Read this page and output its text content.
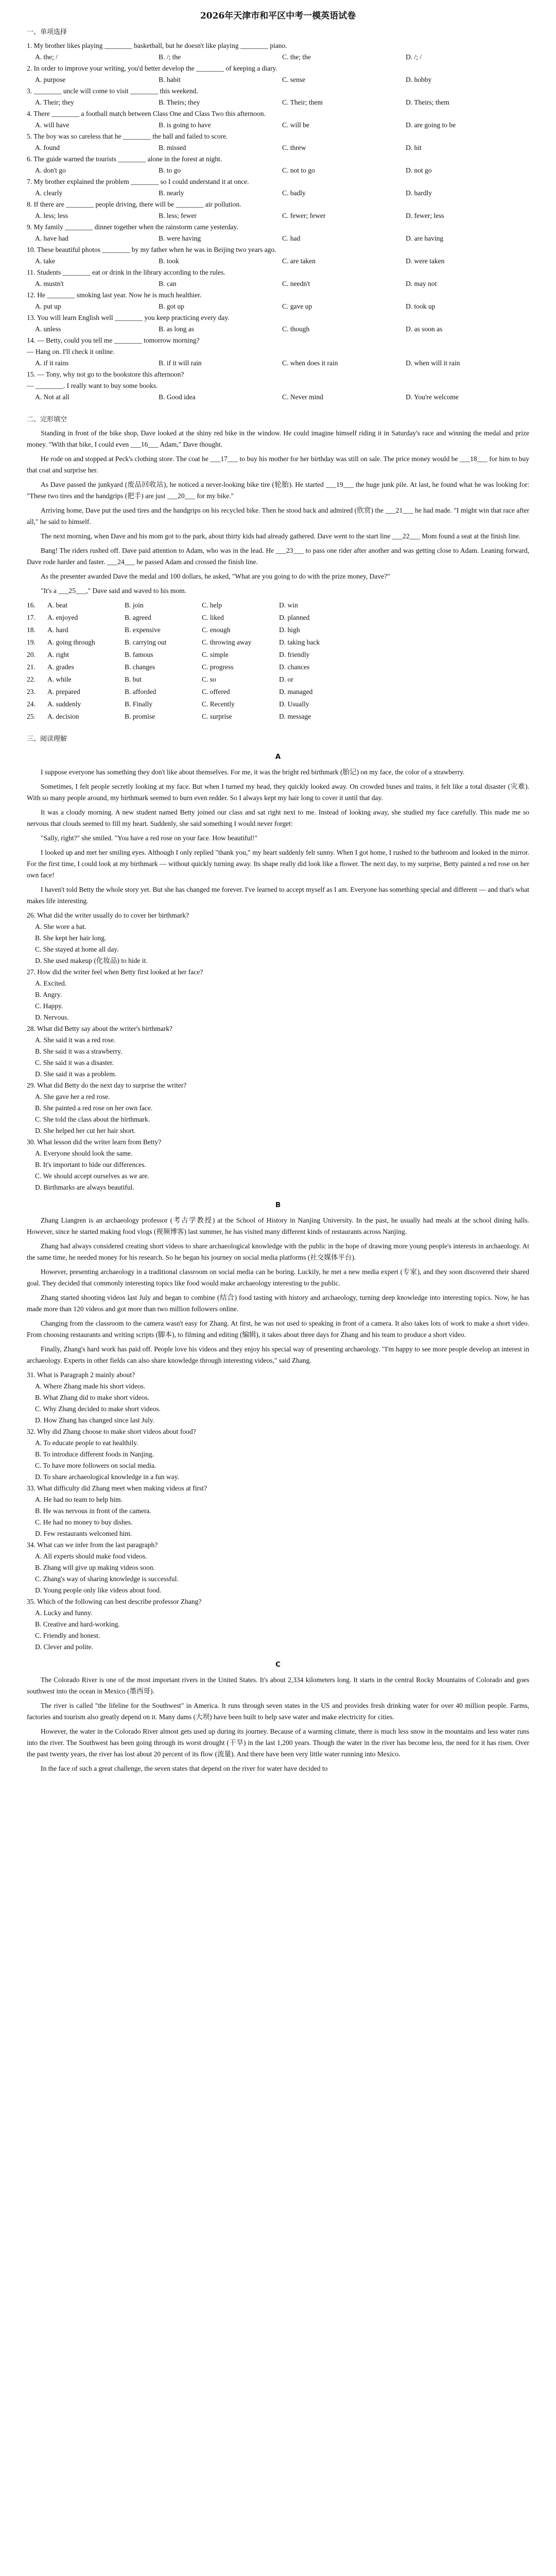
2026年天津市和平区中考一模英语试卷
一、单项选择

1. My brother likes playing ________ basketball, but he doesn't like playing ________ piano.

A. the; /	B. /; the	C. the; the	D. /; /

2. In order to improve your writing, you'd better develop the ________ of keeping a diary.

A. purpose	B. habit	C. sense	D. hobby

3. ________ uncle will come to visit ________ this weekend.

A. Their; they	B. Theirs; they	C. Their; them	D. Theirs; them

4. There ________ a football match between Class One and Class Two this afternoon.

A. will have	B. is going to have	C. will be	D. are going to be

5. The boy was so careless that he ________ the ball and failed to score.

A. found	B. missed	C. threw	D. hit

6. The guide warned the tourists ________ alone in the forest at night.

A. don't go	B. to go	C. not to go	D. not go

7. My brother explained the problem ________ so I could understand it at once.

A. clearly	B. nearly	C. badly	D. hardly

8. If there are ________ people driving, there will be ________ air pollution.

A. less; less	B. less; fewer	C. fewer; fewer	D. fewer; less

9. My family ________ dinner together when the rainstorm came yesterday.

A. have had	B. were having	C. had	D. are having

10. These beautiful photos ________ by my father when he was in Beijing two years ago.

A. take	B. took	C. are taken	D. were taken

11. Students ________ eat or drink in the library according to the rules.

A. mustn't	B. can	C. needn't	D. may not

12. He ________ smoking last year. Now he is much healthier.

A. put up	B. got up	C. gave up	D. took up

13. You will learn English well ________ you keep practicing every day.

A. unless	B. as long as	C. though	D. as soon as

14. — Betty, could you tell me ________ tomorrow morning?

— Hang on. I'll check it online.

A. if it rains	B. if it will rain	C. when does it rain	D. when will it rain

15. — Tony, why not go to the bookstore this afternoon?

— ________. I really want to buy some books.

A. Not at all	B. Good idea	C. Never mind	D. You're welcome
二、完形填空

Standing in front of the bike shop, Dave looked at the shiny red bike in the window. He could imagine himself riding it in Saturday's race and winning the medal and prize money. "With that bike, I could even ___16___ Adam," Dave thought.

He rode on and stopped at Peck's clothing store. The coat he ___17___ to buy his mother for her birthday was still on sale. The price money would be ___18___ for him to buy that coat and surprise her.

As Dave passed the junkyard (废品回收站), he noticed a never-looking bike tire (轮胎). He started ___19___ the huge junk pile. At last, he found what he was looking for: "These two tires and the handgrips (把手) are just ___20___ for my bike."

Arriving home, Dave put the used tires and the handgrips on his recycled bike. Then he stood back and admired (欣赏) the ___21___ he had made. "I might win that race after all," he said to himself.

The next morning, when Dave and his mom got to the park, about thirty kids had already gathered. Dave went to the start line ___22___ Mom found a seat at the finish line.

Bang! The riders rushed off. Dave paid attention to Adam, who was in the lead. He ___23___ to pass one rider after another and was getting close to Adam. Leaning forward, Dave rode harder and faster. ___24___ he passed Adam and crossed the finish line.

As the presenter awarded Dave the medal and 100 dollars, he asked, "What are you going to do with the prize money, Dave?"

"It's a ___25___," Dave said and waved to his mom.

16.	A. beat	B. join	C. help	D. win
17.	A. enjoyed	B. agreed	C. liked	D. planned
18.	A. hard	B. expensive	C. enough	D. high
19.	A. going through	B. carrying out	C. throwing away	D. taking back
20.	A. right	B. famous	C. simple	D. friendly
21.	A. grades	B. changes	C. progress	D. chances
22.	A. while	B. but	C. so	D. or
23.	A. prepared	B. afforded	C. offered	D. managed
24.	A. suddenly	B. Finally	C. Recently	D. Usually
25.	A. decision	B. promise	C. surprise	D. message
三、阅读理解
A

I suppose everyone has something they don't like about themselves. For me, it was the bright red birthmark (胎记) on my face, the color of a strawberry.

Sometimes, I felt people secretly looking at my face. But when I turned my head, they quickly looked away. On crowded buses and trains, it felt like a total disaster (灾难). With so many people around, my birthmark seemed to burn even redder. So I always kept my hair long to cover it until that day.

It was a cloudy morning. A new student named Betty joined our class and sat right next to me. Instead of looking away, she studied my face carefully. This made me so nervous that clouds seemed to fill my heart. Suddenly, she said something I would never forget:

"Sally, right?" she smiled. "You have a red rose on your face. How beautiful!"

I looked up and met her smiling eyes. Although I only replied "thank you," my heart suddenly felt sunny. When I got home, I rushed to the bathroom and looked in the mirror. For the first time, I could look at my birthmark — without quickly turning away. Its shape really did look like a flower. The next day, to my surprise, Betty painted a red rose on her own face!

I haven't told Betty the whole story yet. But she has changed me forever. I've learned to accept myself as I am. Everyone has something special and different — and that's what makes life interesting.

26. What did the writer usually do to cover her birthmark?

A. She wore a hat.
B. She kept her hair long.
C. She stayed at home all day.
D. She used makeup (化妆品) to hide it.

27. How did the writer feel when Betty first looked at her face?

A. Excited.
B. Angry.
C. Happy.
D. Nervous.

28. What did Betty say about the writer's birthmark?

A. She said it was a red rose.
B. She said it was a strawberry.
C. She said it was a disaster.
D. She said it was a problem.

29. What did Betty do the next day to surprise the writer?

A. She gave her a red rose.
B. She painted a red rose on her own face.
C. She told the class about the birthmark.
D. She helped her cut her hair short.

30. What lesson did the writer learn from Betty?

A. Everyone should look the same.
B. It's important to hide our differences.
C. We should accept ourselves as we are.
D. Birthmarks are always beautiful.
B

Zhang Liangren is an archaeology professor (考古学教授) at the School of History in Nanjing University. In the past, he usually had meals at the school dining halls. However, since he started making food vlogs (视频博客) last summer, he has visited many different kinds of restaurants across Nanjing.

Zhang had always considered creating short videos to share archaeological knowledge with the public in the hope of drawing more young people's interests in archaeology. At the same time, he needed money for his research. So he began his journey on social media platforms (社交媒体平台).

However, presenting archaeology in a traditional classroom on social media can be boring. Luckily, he met a new media expert (专家), and they soon discovered their shared goal. They decided that commonly interesting topics like food would make archaeology interesting to the public.

Zhang started shooting videos last July and began to combine (结合) food tasting with history and archaeology, turning deep knowledge into interesting topics. Now, he has made more than 120 videos and got more than two million followers online.

Changing from the classroom to the camera wasn't easy for Zhang. At first, he was not used to speaking in front of a camera. It also takes lots of work to make a short video. From choosing restaurants and writing scripts (脚本), to filming and editing (编辑), it takes about three days for Zhang and his team to produce a short video.

Finally, Zhang's hard work has paid off. People love his videos and they enjoy his special way of presenting archaeology. "I'm happy to see more people develop an interest in archaeology. Experts in other fields can also share knowledge through interesting videos," said Zhang.

31. What is Paragraph 2 mainly about?

A. Where Zhang made his short videos.
B. What Zhang did to make short videos.
C. Why Zhang decided to make short videos.
D. How Zhang has changed since last July.

32. Why did Zhang choose to make short videos about food?

A. To educate people to eat healthily.
B. To introduce different foods in Nanjing.
C. To have more followers on social media.
D. To share archaeological knowledge in a fun way.

33. What difficulty did Zhang meet when making videos at first?

A. He had no team to help him.
B. He was nervous in front of the camera.
C. He had no money to buy dishes.
D. Few restaurants welcomed him.

34. What can we infer from the last paragraph?

A. All experts should make food videos.
B. Zhang will give up making videos soon.
C. Zhang's way of sharing knowledge is successful.
D. Young people only like videos about food.

35. Which of the following can best describe professor Zhang?

A. Lucky and funny.
B. Creative and hard-working.
C. Friendly and honest.
D. Clever and polite.
C

The Colorado River is one of the most important rivers in the United States. It's about 2,334 kilometers long. It starts in the central Rocky Mountains of Colorado and goes southwest into the ocean in Mexico (墨西哥).

The river is called "the lifeline for the Southwest" in America. It runs through seven states in the US and provides fresh drinking water for over 40 million people. Farms, factories and tourism also greatly depend on it. Many dams (大坝) have been built to help save water and make electricity for cities.

However, the water in the Colorado River almost gets used up during its journey. Because of a warming climate, there is much less snow in the mountains and less water runs into the river. The Southwest has been going through its worst drought (干旱) in the last 1,200 years. Though the water in the river has become less, the need for it has risen. Over the past twenty years, the river has lost about 20 percent of its flow (流量). And there have been very little water running into Mexico.

In the face of such a great challenge, the seven states that depend on the river for water have decided to
